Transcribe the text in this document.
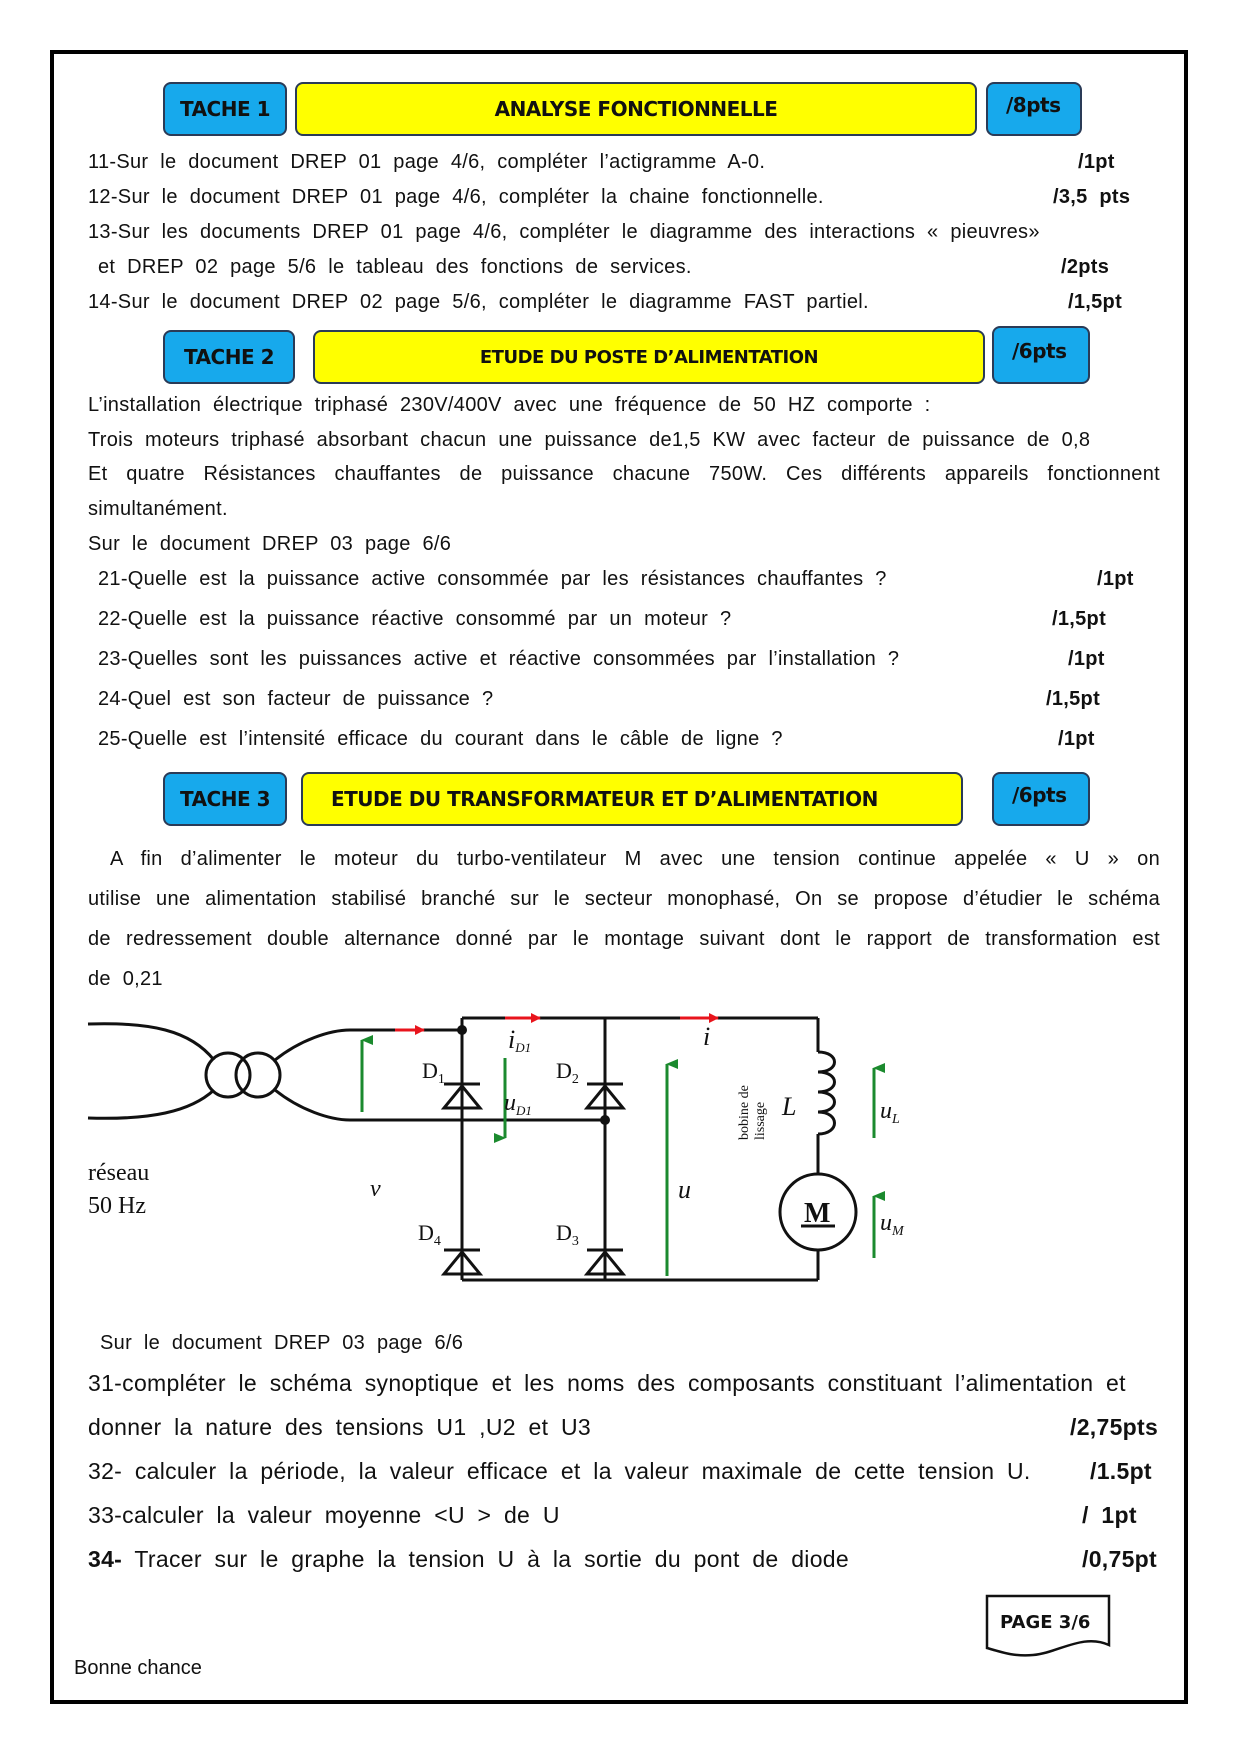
TACHE 1	ANALYSE FONCTIONNELLE	/8pts
11-Sur le document DREP 01 page 4/6, compléter l’actigramme A-0.	/1pt
12-Sur le document DREP 01 page 4/6, compléter la chaine fonctionnelle.	/3,5 pts
13-Sur les documents DREP 01 page 4/6, compléter le diagramme des interactions « pieuvres»
et DREP 02 page 5/6 le tableau des fonctions de services.	/2pts
14-Sur le document DREP 02 page 5/6, compléter le diagramme FAST partiel.	/1,5pt
TACHE 2	ETUDE DU POSTE D’ALIMENTATION	/6pts
L’installation électrique triphasé 230V/400V avec une fréquence de 50 HZ comporte :
Trois moteurs triphasé absorbant chacun une puissance de1,5 KW avec facteur de puissance de 0,8
Et quatre Résistances chauffantes de puissance chacune 750W. Ces différents appareils fonctionnent
simultanément.
Sur le document DREP 03 page 6/6
21-Quelle est la puissance active consommée par les résistances chauffantes ?	/1pt
22-Quelle est la puissance réactive consommé par un moteur ?	/1,5pt
23-Quelles sont les puissances active et réactive consommées par l’installation ?	/1pt
24-Quel est son facteur de puissance ?	/1,5pt
25-Quelle est l’intensité efficace du courant dans le câble de ligne ?	/1pt
TACHE 3	ETUDE DU TRANSFORMATEUR ET D’ALIMENTATION	/6pts
A fin d’alimenter le moteur du turbo-ventilateur M avec une tension continue appelée « U » on
utilise une alimentation stabilisé branché sur le secteur monophasé, On se propose d’étudier le schéma
de redressement double alternance donné par le montage suivant dont le rapport de transformation est
de 0,21
réseau
50 Hz
v
iD1	i
$D_1$	$D_2$
$D_4$	$D_3$
$u_{D1}$
u
bobine delissage L	$u_L$
M $u_M$
Sur le document DREP 03 page 6/6
31-compléter le schéma synoptique et les noms des composants constituant l’alimentation et
donner la nature des tensions U1 ,U2 et U3	/2,75pts
32- calculer la période, la valeur efficace et la valeur maximale de cette tension U.	/1.5pt
33-calculer la valeur moyenne <U > de U	/ 1pt
34- Tracer sur le graphe la tension U à la sortie du pont de diode	/0,75pt
PAGE 3/6
Bonne chance
